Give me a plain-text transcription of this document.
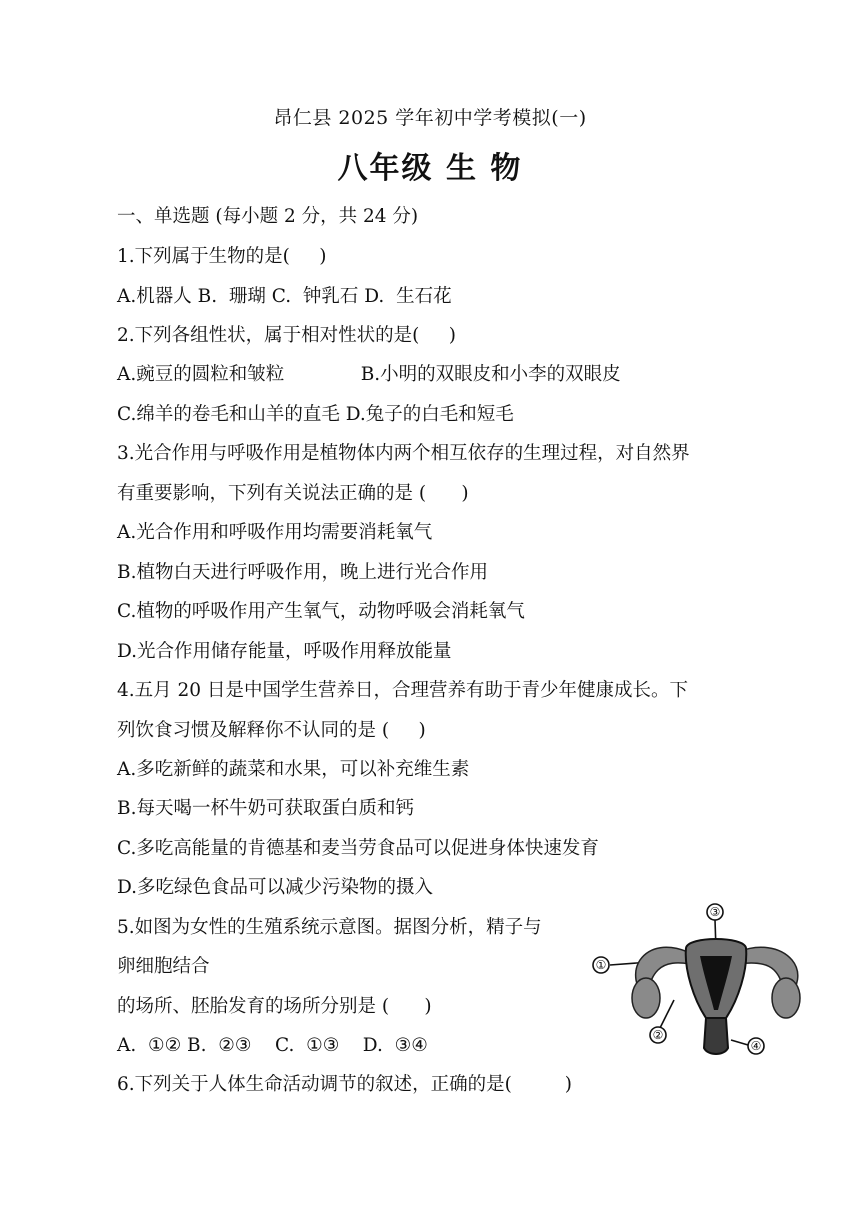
昂仁县 2025 学年初中学考模拟(一)
八年级 生 物
一、单选题 (每小题 2 分，共 24 分)
1.下列属于生物的是(     )
A.机器人 B.  珊瑚 C.  钟乳石 D.  生石花
2.下列各组性状，属于相对性状的是(     )
A.豌豆的圆粒和皱粒             B.小明的双眼皮和小李的双眼皮
C.绵羊的卷毛和山羊的直毛 D.兔子的白毛和短毛
3.光合作用与呼吸作用是植物体内两个相互依存的生理过程，对自然界
有重要影响，下列有关说法正确的是 (      )
A.光合作用和呼吸作用均需要消耗氧气
B.植物白天进行呼吸作用，晚上进行光合作用
C.植物的呼吸作用产生氧气，动物呼吸会消耗氧气
D.光合作用储存能量，呼吸作用释放能量
4.五月 20 日是中国学生营养日，合理营养有助于青少年健康成长。下
列饮食习惯及解释你不认同的是 (     )
A.多吃新鲜的蔬菜和水果，可以补充维生素
B.每天喝一杯牛奶可获取蛋白质和钙
C.多吃高能量的肯德基和麦当劳食品可以促进身体快速发育
D.多吃绿色食品可以减少污染物的摄入
5.如图为女性的生殖系统示意图。据图分析，精子与
卵细胞结合
的场所、胚胎发育的场所分别是 (      )
A.  ①② B.  ②③    C.  ①③    D.  ③④
6.下列关于人体生命活动调节的叙述，正确的是(         )
③
①
②
④
